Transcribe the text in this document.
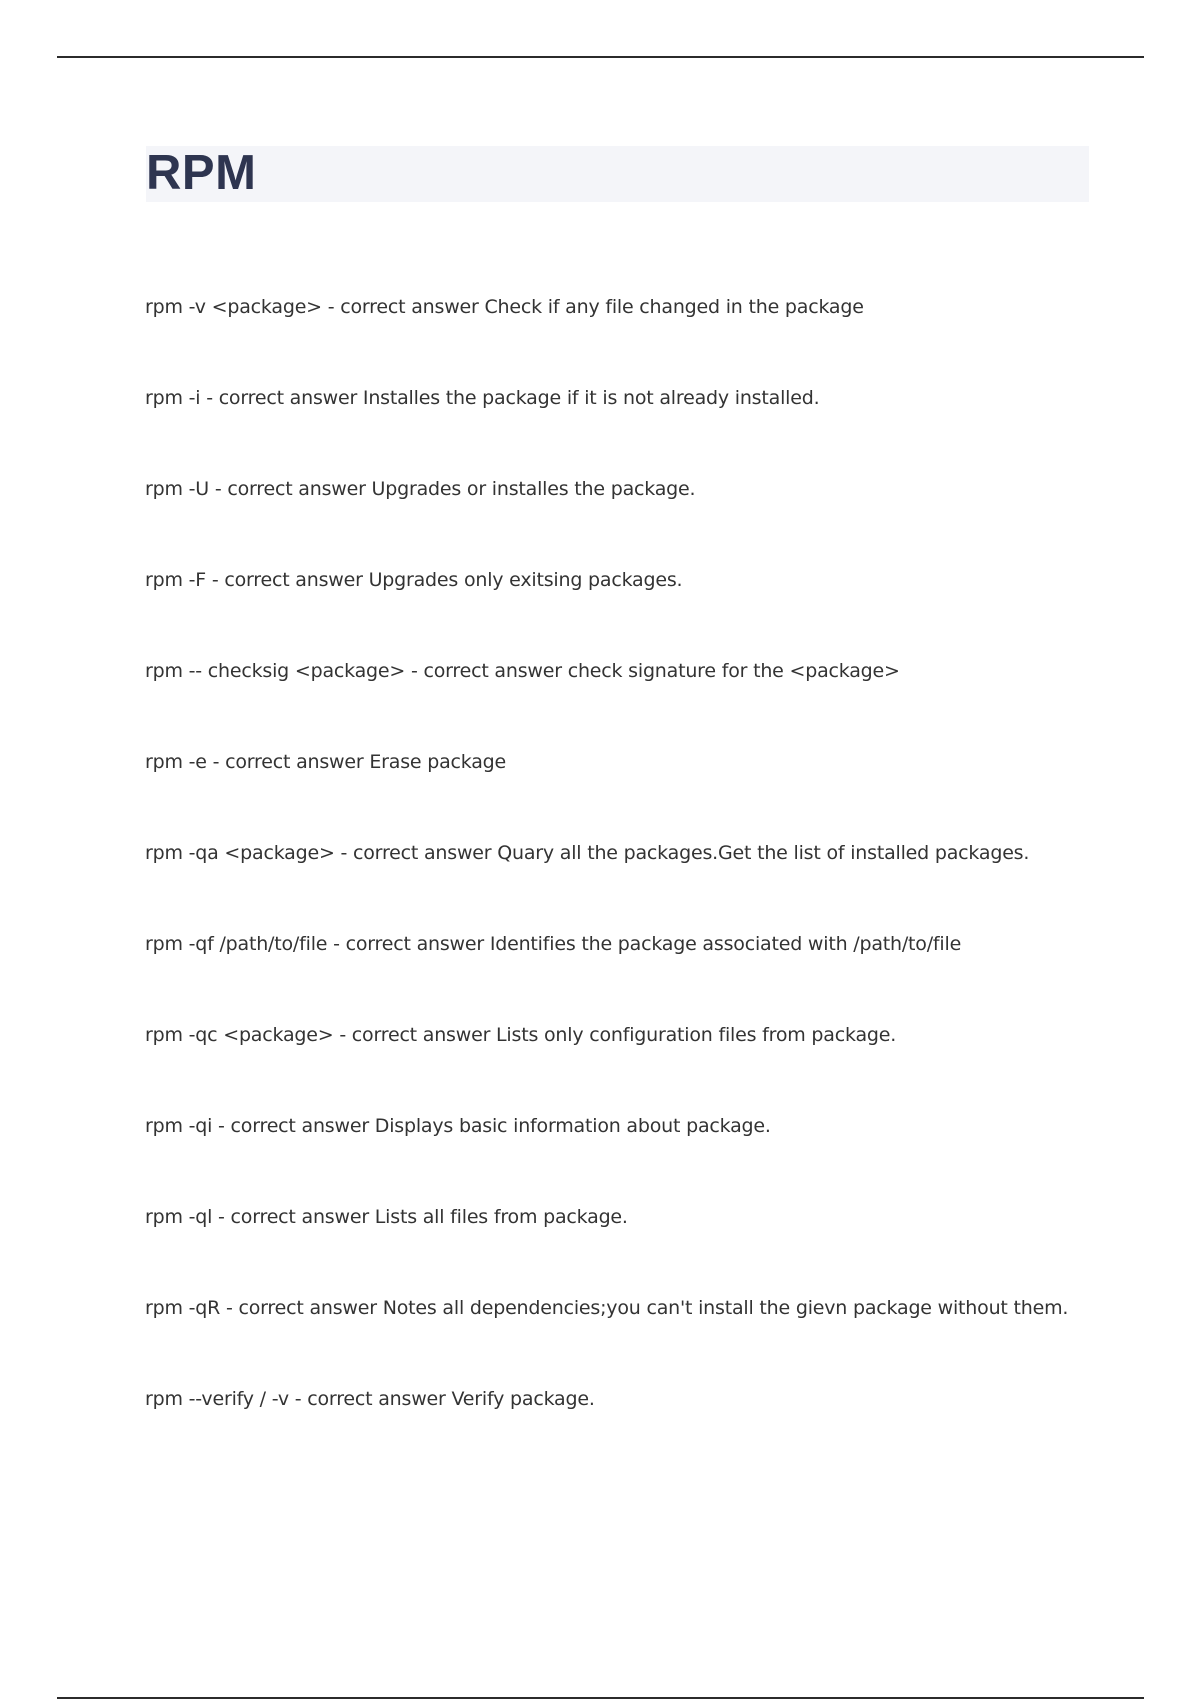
RPM
rpm -v <package> - correct answer Check if any file changed in the package
rpm -i - correct answer Installes the package if it is not already installed.
rpm -U - correct answer Upgrades or installes the package.
rpm -F - correct answer Upgrades only exitsing packages.
rpm -- checksig <package> - correct answer check signature for the <package>
rpm -e - correct answer Erase package
rpm -qa <package> - correct answer Quary all the packages.Get the list of installed packages.
rpm -qf /path/to/file - correct answer Identifies the package associated with /path/to/file
rpm -qc <package> - correct answer Lists only configuration files from package.
rpm -qi - correct answer Displays basic information about package.
rpm -ql - correct answer Lists all files from package.
rpm -qR - correct answer Notes all dependencies;you can't install the gievn package without them.
rpm --verify / -v - correct answer Verify package.
